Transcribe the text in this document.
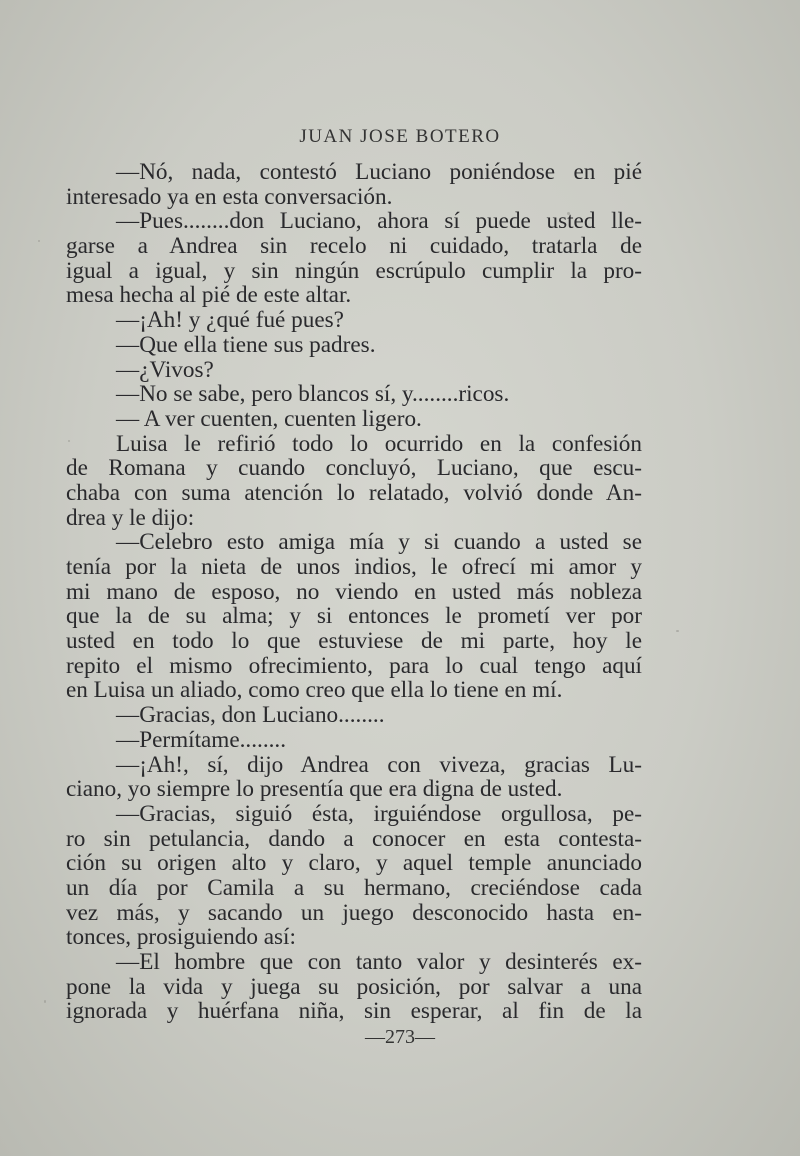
JUAN JOSE BOTERO
—Nó, nada, contestó Luciano poniéndose en pié
interesado ya en esta conversación.
—Pues........don Luciano, ahora sí puede usted lle-
garse a Andrea sin recelo ni cuidado, tratarla de
igual a igual, y sin ningún escrúpulo cumplir la pro-
mesa hecha al pié de este altar.
—¡Ah! y ¿qué fué pues?
—Que ella tiene sus padres.
—¿Vivos?
—No se sabe, pero blancos sí, y........ricos.
— A ver cuenten, cuenten ligero.
Luisa le refirió todo lo ocurrido en la confesión
de Romana y cuando concluyó, Luciano, que escu-
chaba con suma atención lo relatado, volvió donde An-
drea y le dijo:
—Celebro esto amiga mía y si cuando a usted se
tenía por la nieta de unos indios, le ofrecí mi amor y
mi mano de esposo, no viendo en usted más nobleza
que la de su alma; y si entonces le prometí ver por
usted en todo lo que estuviese de mi parte, hoy le
repito el mismo ofrecimiento, para lo cual tengo aquí
en Luisa un aliado, como creo que ella lo tiene en mí.
—Gracias, don Luciano........
—Permítame........
—¡Ah!, sí, dijo Andrea con viveza, gracias Lu-
ciano, yo siempre lo presentía que era digna de usted.
—Gracias, siguió ésta, irguiéndose orgullosa, pe-
ro sin petulancia, dando a conocer en esta contesta-
ción su origen alto y claro, y aquel temple anunciado
un día por Camila a su hermano, creciéndose cada
vez más, y sacando un juego desconocido hasta en-
tonces, prosiguiendo así:
—El hombre que con tanto valor y desinterés ex-
pone la vida y juega su posición, por salvar a una
ignorada y huérfana niña, sin esperar, al fin de la
—273—
